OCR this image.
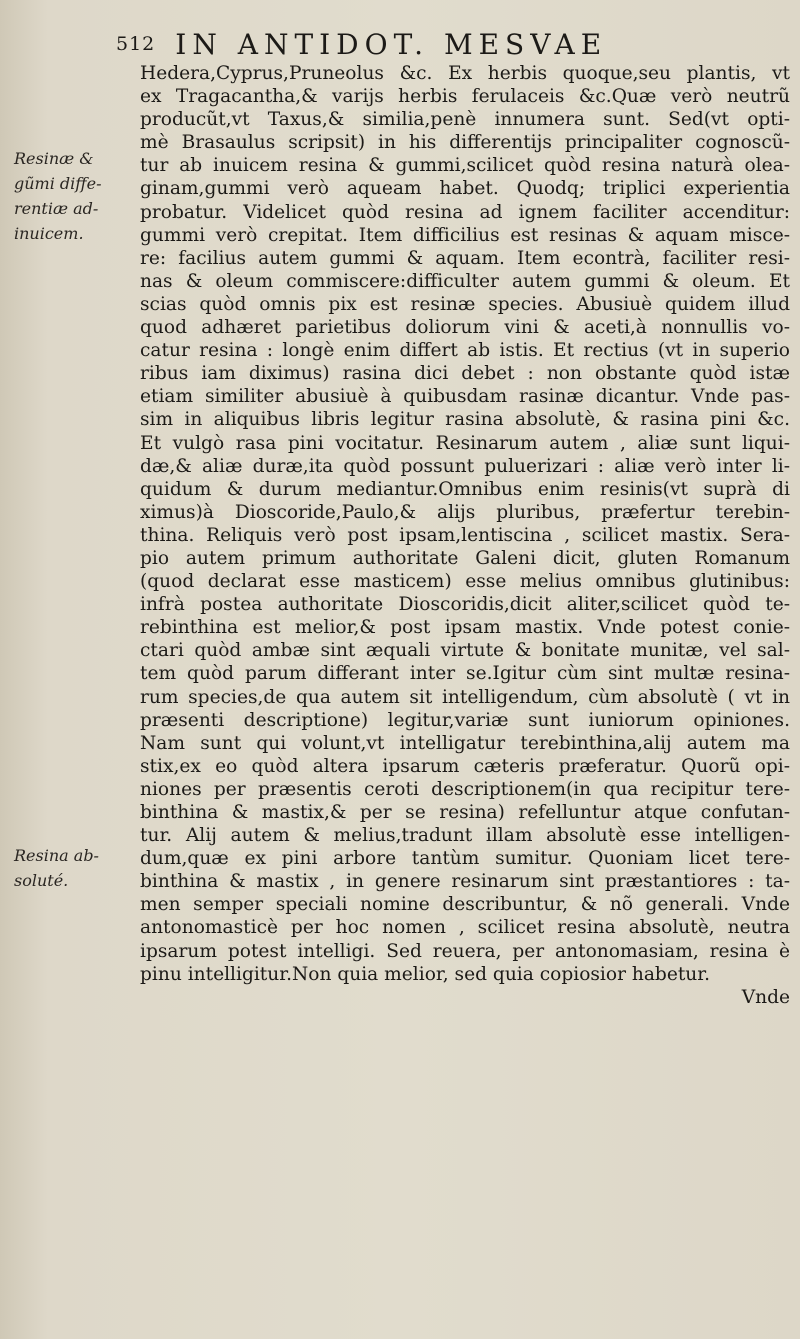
512 IN ANTIDOT. MESVAE
Resinæ &
gũmi diffe-
rentiæ ad-
inuicem.
Resina ab-
soluté.
Hedera,Cyprus,Pruneolus &c. Ex herbis quoque,seu plantis, vt
ex Tragacantha,& varijs herbis ferulaceis &c.Quæ verò neutrũ
producũt,vt Taxus,& similia,penè innumera sunt. Sed(vt opti-
mè Brasaulus scripsit) in his differentijs principaliter cognoscũ-
tur ab inuicem resina & gummi,scilicet quòd resina naturà olea-
ginam,gummi verò aqueam habet. Quodq; triplici experientia
probatur. Videlicet quòd resina ad ignem faciliter accenditur:
gummi verò crepitat. Item difficilius est resinas & aquam misce-
re: facilius autem gummi & aquam. Item econtrà, faciliter resi-
nas & oleum commiscere:difficulter autem gummi & oleum. Et
scias quòd omnis pix est resinæ species. Abusiuè quidem illud
quod adhæret parietibus doliorum vini & aceti,à nonnullis vo-
catur resina : longè enim differt ab istis. Et rectius (vt in superio
ribus iam diximus) rasina dici debet : non obstante quòd istæ
etiam similiter abusiuè à quibusdam rasinæ dicantur. Vnde pas-
sim in aliquibus libris legitur rasina absolutè, & rasina pini &c.
Et vulgò rasa pini vocitatur. Resinarum autem , aliæ sunt liqui-
dæ,& aliæ duræ,ita quòd possunt puluerizari : aliæ verò inter li-
quidum & durum mediantur.Omnibus enim resinis(vt suprà di
ximus)à Dioscoride,Paulo,& alijs pluribus, præfertur terebin-
thina. Reliquis verò post ipsam,lentiscina , scilicet mastix. Sera-
pio autem primum authoritate Galeni dicit, gluten Romanum
(quod declarat esse masticem) esse melius omnibus glutinibus:
infrà postea authoritate Dioscoridis,dicit aliter,scilicet quòd te-
rebinthina est melior,& post ipsam mastix. Vnde potest conie-
ctari quòd ambæ sint æquali virtute & bonitate munitæ, vel sal-
tem quòd parum differant inter se.Igitur cùm sint multæ resina-
rum species,de qua autem sit intelligendum, cùm absolutè ( vt in
præsenti descriptione) legitur,variæ sunt iuniorum opiniones.
Nam sunt qui volunt,vt intelligatur terebinthina,alij autem ma
stix,ex eo quòd altera ipsarum cæteris præferatur. Quorũ opi-
niones per præsentis ceroti descriptionem(in qua recipitur tere-
binthina & mastix,& per se resina) refelluntur atque confutan-
tur. Alij autem & melius,tradunt illam absolutè esse intelligen-
dum,quæ ex pini arbore tantùm sumitur. Quoniam licet tere-
binthina & mastix , in genere resinarum sint præstantiores : ta-
men semper speciali nomine describuntur, & nõ generali. Vnde
antonomasticè per hoc nomen , scilicet resina absolutè, neutra
ipsarum potest intelligi. Sed reuera, per antonomasiam, resina è
pinu intelligitur.Non quia melior, sed quia copiosior habetur.
Vnde
